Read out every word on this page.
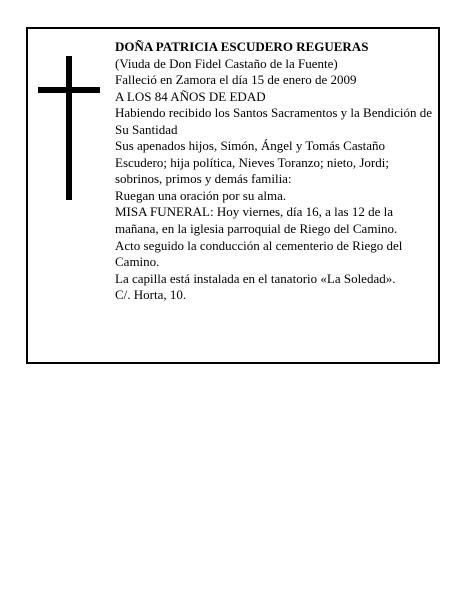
DOÑA PATRICIA ESCUDERO REGUERAS

(Viuda de Don Fidel Castaño de la Fuente)

Falleció en Zamora el día 15 de enero de 2009

A LOS 84 AÑOS DE EDAD

Habiendo recibido los Santos Sacramentos y la Bendición de Su Santidad

Sus apenados hijos, Simón, Ángel y Tomás Castaño Escudero; hija política, Nieves Toranzo; nieto, Jordi; sobrinos, primos y demás familia:

Ruegan una oración por su alma.

MISA FUNERAL: Hoy viernes, día 16, a las 12 de la mañana, en la iglesia parroquial de Riego del Camino.

Acto seguido la conducción al cementerio de Riego del Camino.

La capilla está instalada en el tanatorio «La Soledad».

C/. Horta, 10.
